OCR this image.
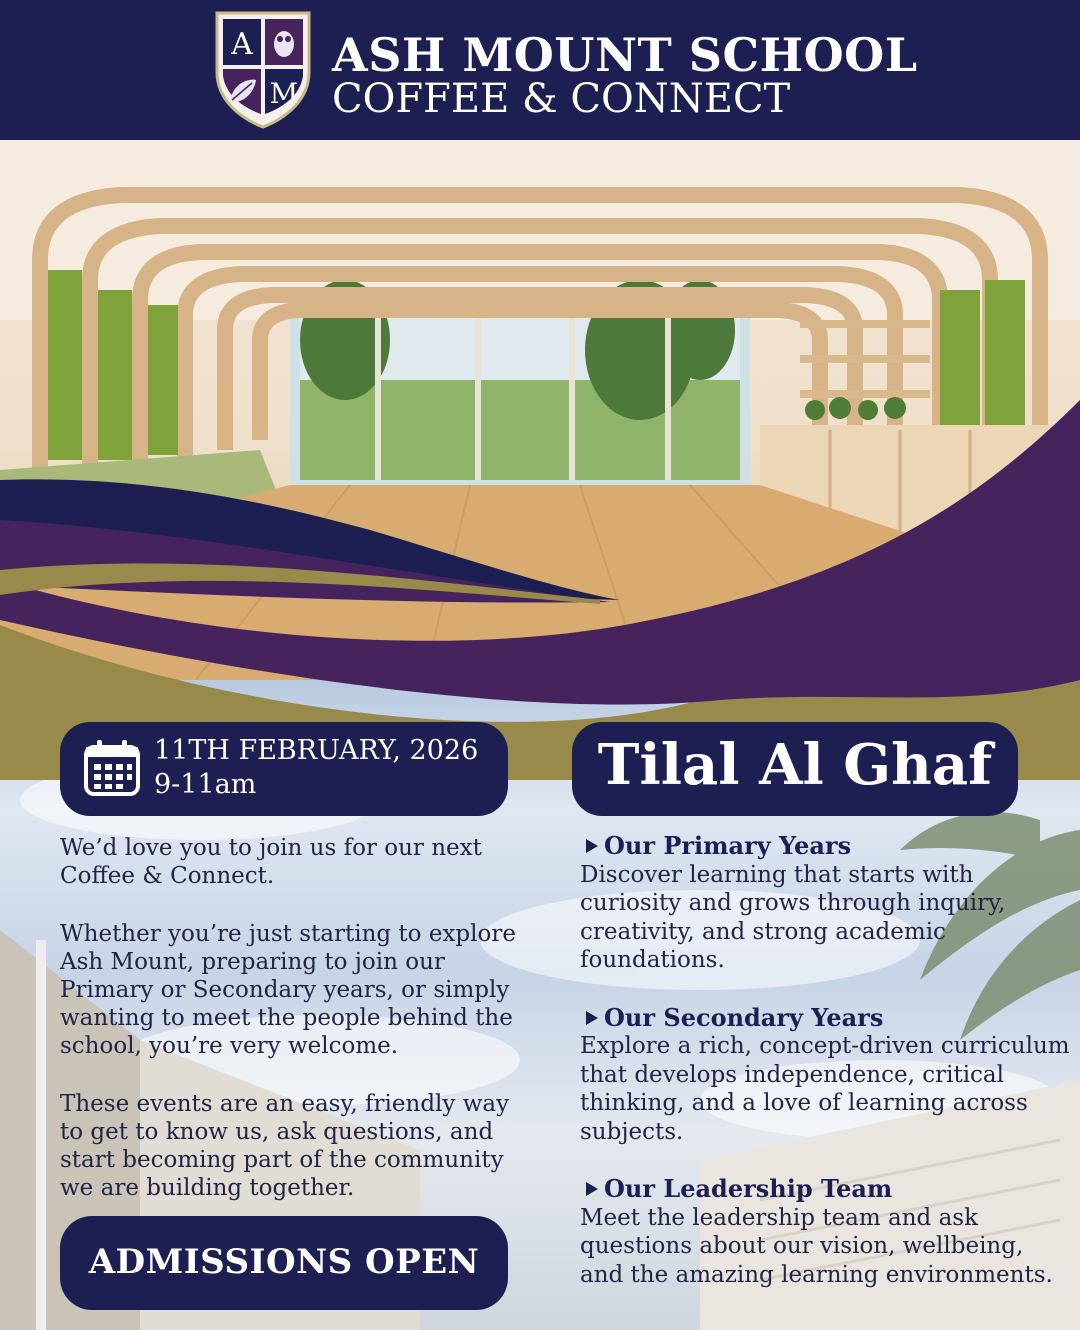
A
M
ASH MOUNT SCHOOL
COFFEE & CONNECT
11TH FEBRUARY, 2026
9-11am	Tilal Al Ghaf

We’d love you to join us for our next Coffee & Connect.

Whether you’re just starting to explore Ash Mount, preparing to join our Primary or Secondary years, or simply wanting to meet the people behind the school, you’re very welcome.

These events are an easy, friendly way to get to know us, ask questions, and start becoming part of the community we are building together.

Our Primary Years
Discover learning that starts with curiosity and grows through inquiry, creativity, and strong academic foundations.
Our Secondary Years
Explore a rich, concept-driven curriculum that develops independence, critical thinking, and a love of learning across subjects.
Our Leadership Team
Meet the leadership team and ask questions about our vision, wellbeing, and the amazing learning environments.
ADMISSIONS OPEN
